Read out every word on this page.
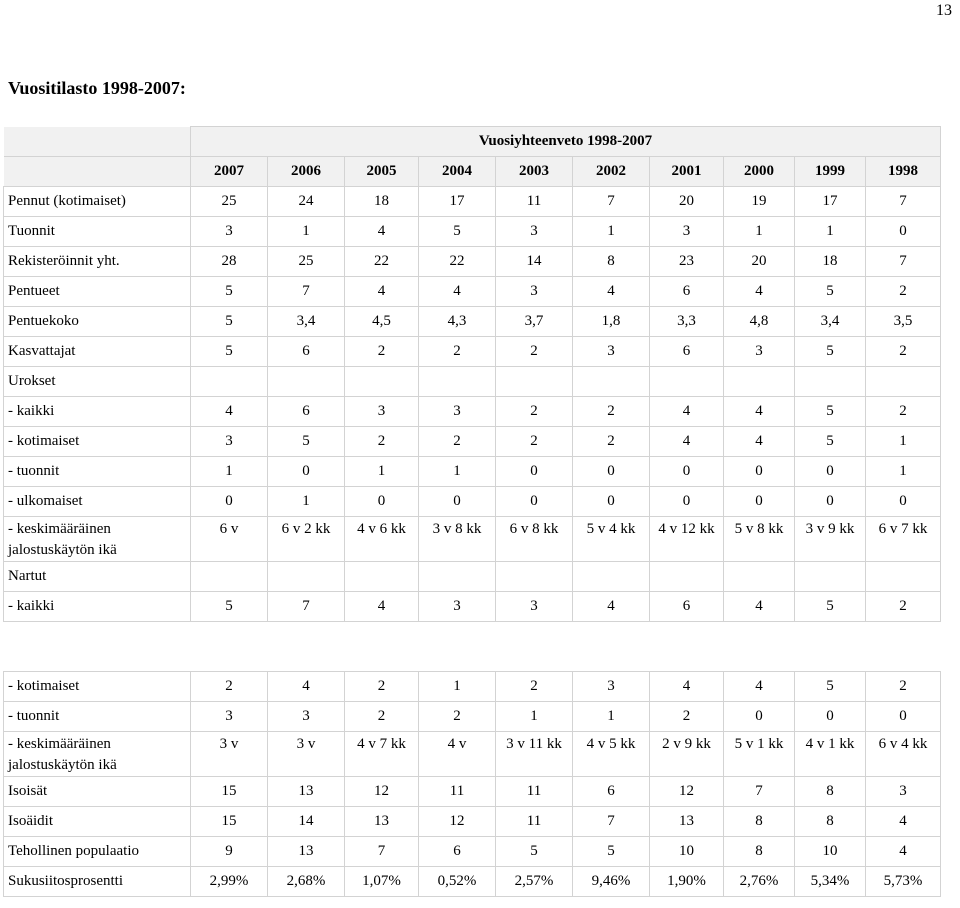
13
Vuositilasto 1998-2007:
	Vuosiyhteenveto 1998-2007									
	2007	2006	2005	2004	2003	2002	2001	2000	1999	1998
Pennut (kotimaiset)	25	24	18	17	11	7	20	19	17	7
Tuonnit	3	1	4	5	3	1	3	1	1	0
Rekisteröinnit yht.	28	25	22	22	14	8	23	20	18	7
Pentueet	5	7	4	4	3	4	6	4	5	2
Pentuekoko	5	3,4	4,5	4,3	3,7	1,8	3,3	4,8	3,4	3,5
Kasvattajat	5	6	2	2	2	3	6	3	5	2
Urokset										
- kaikki	4	6	3	3	2	2	4	4	5	2
- kotimaiset	3	5	2	2	2	2	4	4	5	1
- tuonnit	1	0	1	1	0	0	0	0	0	1
- ulkomaiset	0	1	0	0	0	0	0	0	0	0
- keskimääräinen jalostuskäytön ikä	6 v	6 v 2 kk	4 v 6 kk	3 v 8 kk	6 v 8 kk	5 v 4 kk	4 v 12 kk	5 v 8 kk	3 v 9 kk	6 v 7 kk
Nartut										
- kaikki	5	7	4	3	3	4	6	4	5	2
- kotimaiset	2	4	2	1	2	3	4	4	5	2
- tuonnit	3	3	2	2	1	1	2	0	0	0
- keskimääräinen jalostuskäytön ikä	3 v	3 v	4 v 7 kk	4 v	3 v 11 kk	4 v 5 kk	2 v 9 kk	5 v 1 kk	4 v 1 kk	6 v 4 kk
Isoisät	15	13	12	11	11	6	12	7	8	3
Isoäidit	15	14	13	12	11	7	13	8	8	4
Tehollinen populaatio	9	13	7	6	5	5	10	8	10	4
Sukusiitosprosentti	2,99%	2,68%	1,07%	0,52%	2,57%	9,46%	1,90%	2,76%	5,34%	5,73%
